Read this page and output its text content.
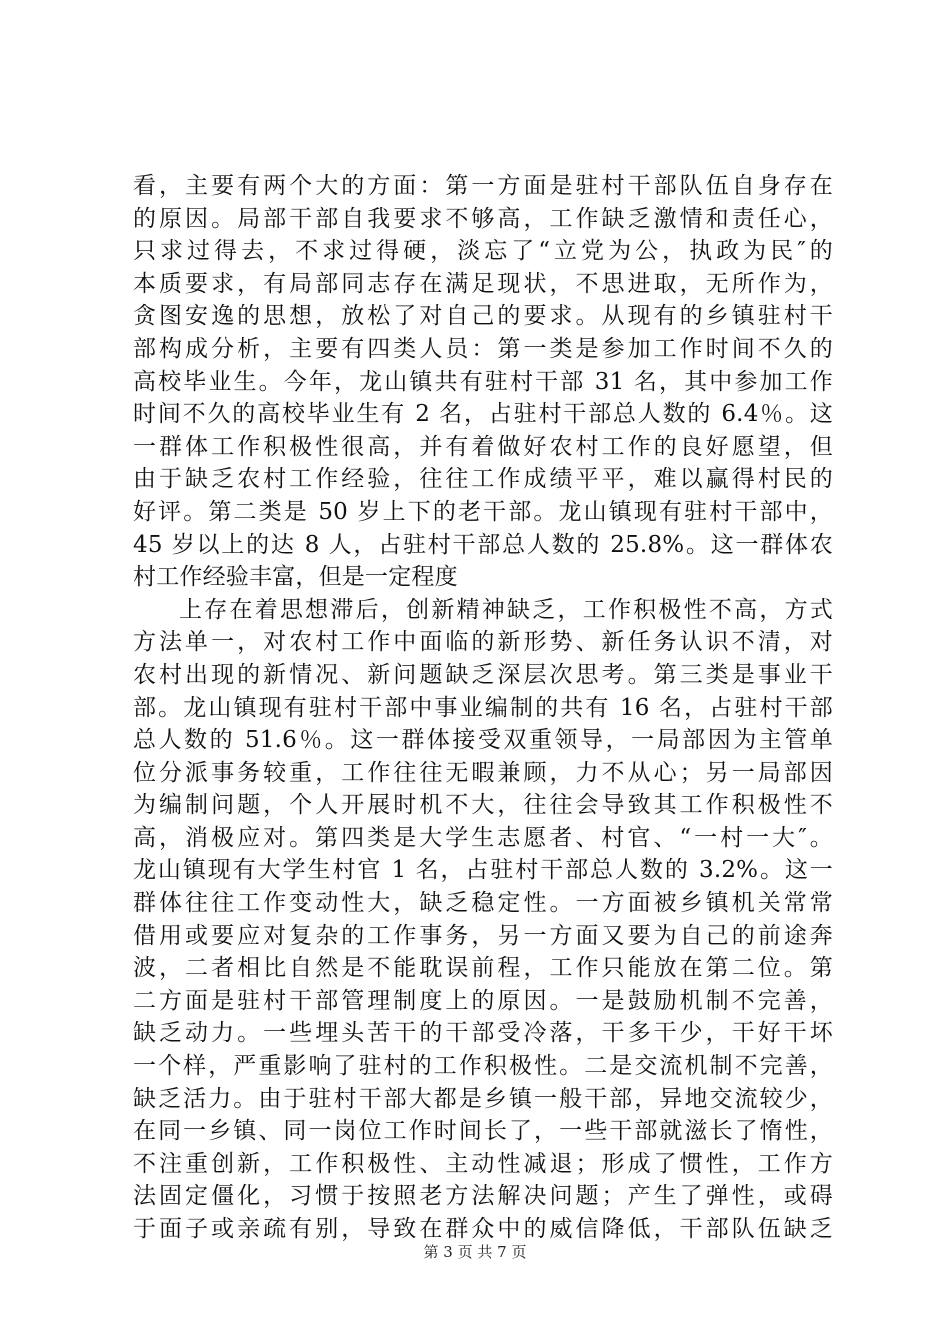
看，主要有两个大的方面：第一方面是驻村干部队伍自身存在
的原因。局部干部自我要求不够高，工作缺乏激情和责任心，
只求过得去，不求过得硬，淡忘了“立党为公，执政为民″的
本质要求，有局部同志存在满足现状，不思进取，无所作为，
贪图安逸的思想，放松了对自己的要求。从现有的乡镇驻村干
部构成分析，主要有四类人员：第一类是参加工作时间不久的
高校毕业生。今年，龙山镇共有驻村干部 31 名，其中参加工作
时间不久的高校毕业生有 2 名，占驻村干部总人数的 6.4％。这
一群体工作积极性很高，并有着做好农村工作的良好愿望，但
由于缺乏农村工作经验，往往工作成绩平平，难以赢得村民的
好评。第二类是 50 岁上下的老干部。龙山镇现有驻村干部中，
45 岁以上的达 8 人，占驻村干部总人数的 25.8%。这一群体农
村工作经验丰富，但是一定程度
上存在着思想滞后，创新精神缺乏，工作积极性不高，方式
方法单一，对农村工作中面临的新形势、新任务认识不清，对
农村出现的新情况、新问题缺乏深层次思考。第三类是事业干
部。龙山镇现有驻村干部中事业编制的共有 16 名，占驻村干部
总人数的 51.6％。这一群体接受双重领导，一局部因为主管单
位分派事务较重，工作往往无暇兼顾，力不从心；另一局部因
为编制问题，个人开展时机不大，往往会导致其工作积极性不
高，消极应对。第四类是大学生志愿者、村官、“一村一大″。
龙山镇现有大学生村官 1 名，占驻村干部总人数的 3.2%。这一
群体往往工作变动性大，缺乏稳定性。一方面被乡镇机关常常
借用或要应对复杂的工作事务，另一方面又要为自己的前途奔
波，二者相比自然是不能耽误前程，工作只能放在第二位。第
二方面是驻村干部管理制度上的原因。一是鼓励机制不完善，
缺乏动力。一些埋头苦干的干部受冷落，干多干少，干好干坏
一个样，严重影响了驻村的工作积极性。二是交流机制不完善，
缺乏活力。由于驻村干部大都是乡镇一般干部，异地交流较少，
在同一乡镇、同一岗位工作时间长了，一些干部就滋长了惰性，
不注重创新，工作积极性、主动性减退；形成了惯性，工作方
法固定僵化，习惯于按照老方法解决问题；产生了弹性，或碍
于面子或亲疏有别，导致在群众中的威信降低，干部队伍缺乏
第 3 页 共 7 页
